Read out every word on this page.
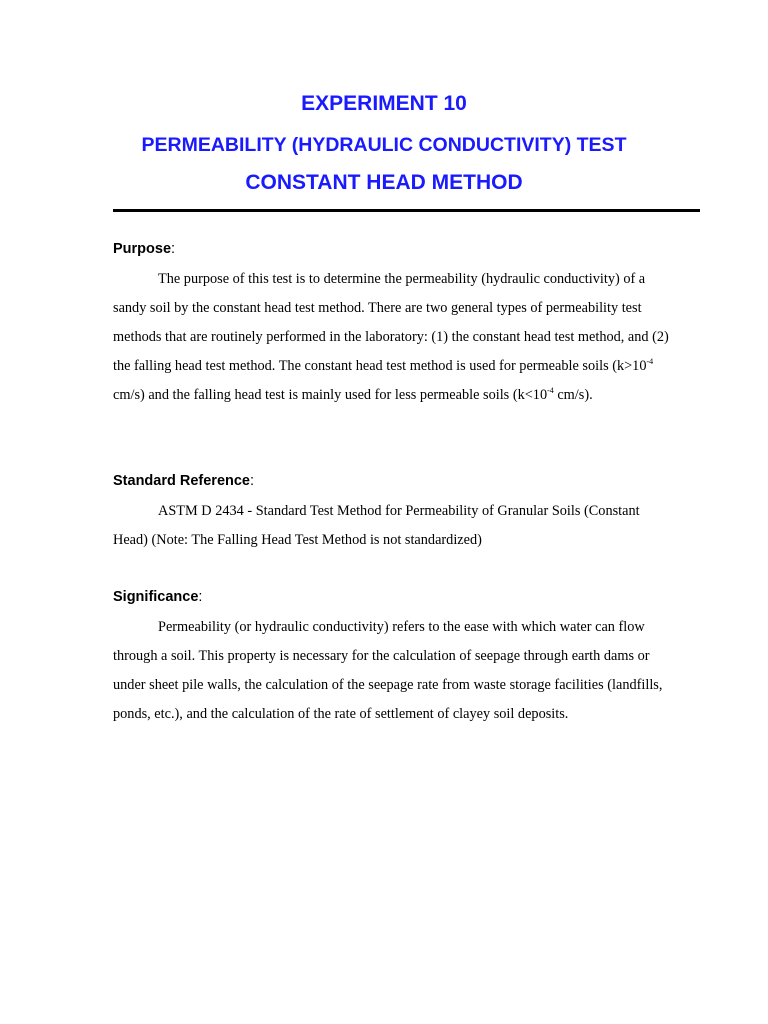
EXPERIMENT 10
PERMEABILITY (HYDRAULIC CONDUCTIVITY) TEST
CONSTANT HEAD METHOD
Purpose:
The purpose of this test is to determine the permeability (hydraulic conductivity) of a sandy soil by the constant head test method. There are two general types of permeability test methods that are routinely performed in the laboratory: (1) the constant head test method, and (2) the falling head test method. The constant head test method is used for permeable soils ($k>10^{-4}$ cm/s) and the falling head test is mainly used for less permeable soils ($k<10^{-4}$ cm/s).
Standard Reference:
ASTM D 2434 - Standard Test Method for Permeability of Granular Soils (Constant Head) (Note: The Falling Head Test Method is not standardized)
Significance:
Permeability (or hydraulic conductivity) refers to the ease with which water can flow through a soil. This property is necessary for the calculation of seepage through earth dams or under sheet pile walls, the calculation of the seepage rate from waste storage facilities (landfills, ponds, etc.), and the calculation of the rate of settlement of clayey soil deposits.
